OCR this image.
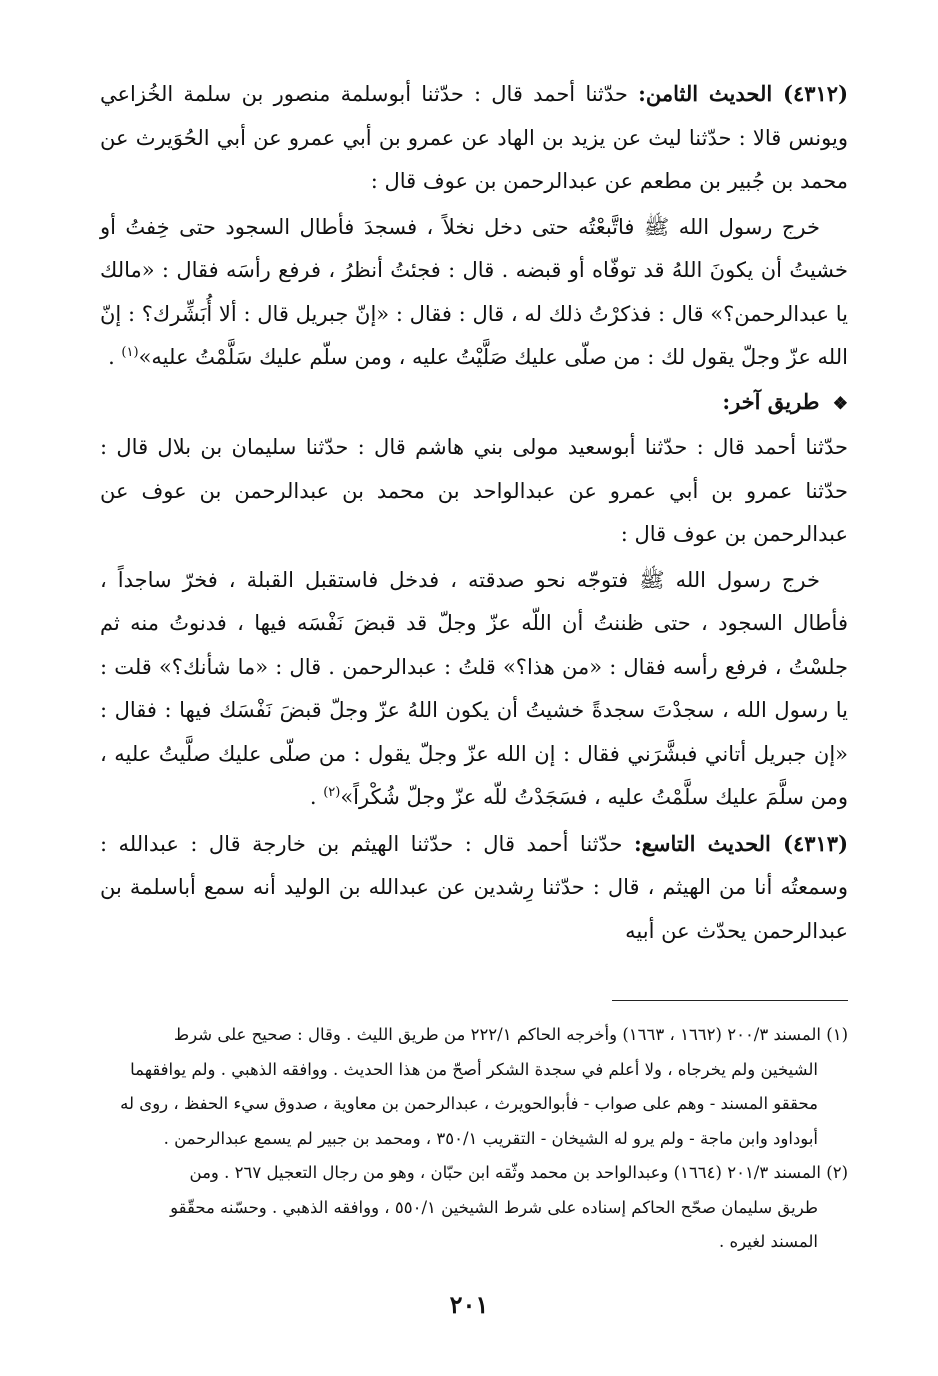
(٤٣١٢) الحديث الثامن: حدّثنا أحمد قال : حدّثنا أبوسلمة منصور بن سلمة الخُزاعي ويونس قالا : حدّثنا ليث عن يزيد بن الهاد عن عمرو بن أبي عمرو عن أبي الحُوَيرث عن محمد بن جُبير بن مطعم عن عبدالرحمن بن عوف قال :

خرج رسول الله ﷺ فاتَّبعْتُه حتى دخل نخلاً ، فسجدَ فأطال السجود حتى خِفتُ أو خشيتُ أن يكونَ اللهُ قد توفّاه أو قبضه . قال : فجئتُ أنظرُ ، فرفع رأسَه فقال : «مالك يا عبدالرحمن؟» قال : فذكرْتُ ذلك له ، قال : فقال : «إنّ جبريل قال : ألا أُبَشِّرك؟ : إنّ الله عزّ وجلّ يقول لك : من صلّى عليك صَلَّيْتُ عليه ، ومن سلّم عليك سَلَّمْتُ عليه»$^{(١)}$ .

❖ طريق آخر:

حدّثنا أحمد قال : حدّثنا أبوسعيد مولى بني هاشم قال : حدّثنا سليمان بن بلال قال : حدّثنا عمرو بن أبي عمرو عن عبدالواحد بن محمد بن عبدالرحمن بن عوف عن عبدالرحمن بن عوف قال :

خرج رسول الله ﷺ فتوجّه نحو صدقته ، فدخل فاستقبل القبلة ، فخرّ ساجداً ، فأطال السجود ، حتى ظننتُ أن اللّه عزّ وجلّ قد قبضَ نَفْسَه فيها ، فدنوتُ منه ثم جلسْتُ ، فرفع رأسه فقال : «من هذا؟» قلتُ : عبدالرحمن . قال : «ما شأنك؟» قلت : يا رسول الله ، سجدْتَ سجدةً خشيتُ أن يكون اللهُ عزّ وجلّ قبضَ نَفْسَك فيها : فقال : «إن جبريل أتاني فبشَّرَني فقال : إن الله عزّ وجلّ يقول : من صلّى عليك صلَّيتُ عليه ، ومن سلَّمَ عليك سلَّمْتُ عليه ، فسَجَدْتُ للّه عزّ وجلّ شُكْراً»$^{(٢)}$ .

(٤٣١٣) الحديث التاسع: حدّثنا أحمد قال : حدّثنا الهيثم بن خارجة قال : عبدالله : وسمعتُه أنا من الهيثم ، قال : حدّثنا رِشدين عن عبدالله بن الوليد أنه سمع أباسلمة بن عبدالرحمن يحدّث عن أبيه

(١) المسند ٢٠٠/٣ (١٦٦٢ ، ١٦٦٣) وأخرجه الحاكم ٢٢٢/١ من طريق الليث . وقال : صحيح على شرط

الشيخين ولم يخرجاه ، ولا أعلم في سجدة الشكر أصحّ من هذا الحديث . ووافقه الذهبي . ولم يوافقهما

محققو المسند - وهم على صواب - فأبوالحويرث ، عبدالرحمن بن معاوية ، صدوق سيء الحفظ ، روى له

أبوداود وابن ماجة - ولم يرو له الشيخان - التقريب ٣٥٠/١ ، ومحمد بن جبير لم يسمع عبدالرحمن .

(٢) المسند ٢٠١/٣ (١٦٦٤) وعبدالواحد بن محمد وثّقه ابن حبّان ، وهو من رجال التعجيل ٢٦٧ . ومن

طريق سليمان صحّح الحاكم إسناده على شرط الشيخين ٥٥٠/١ ، ووافقه الذهبي . وحسّنه محقّقو

المسند لغيره .

٢٠١
